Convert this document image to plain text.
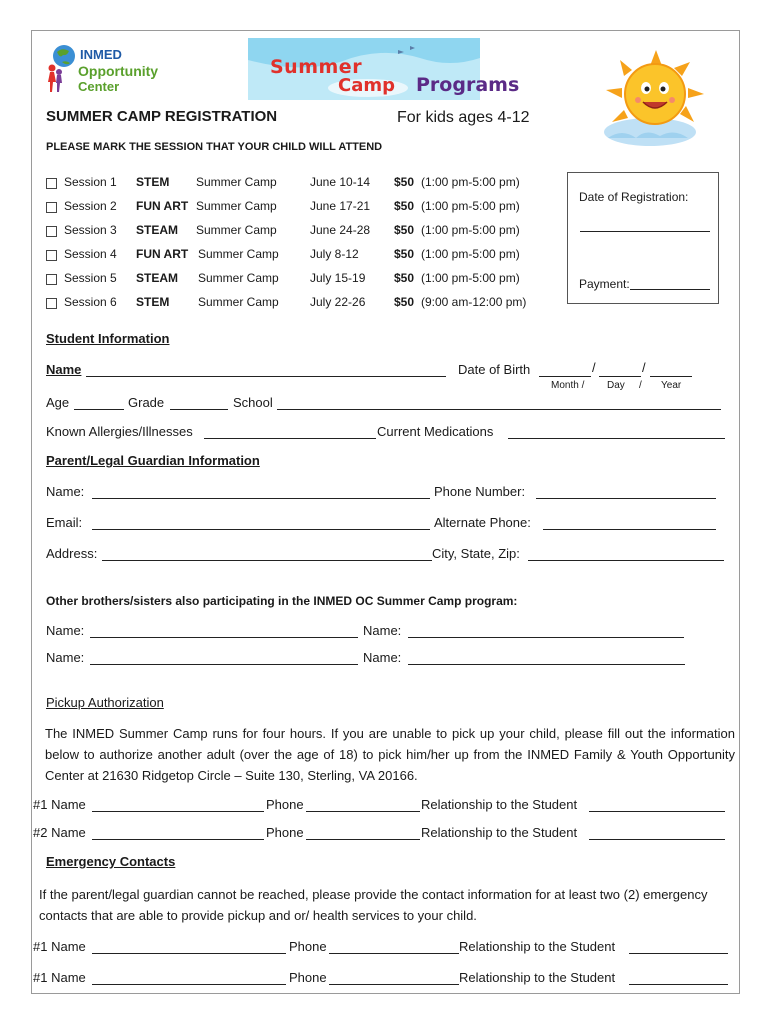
INMED
Opportunity
Center
Summer
Camp Programs
SUMMER CAMP REGISTRATION	For kids ages 4-12
PLEASE MARK THE SESSION THAT YOUR CHILD WILL ATTEND
Session 1 STEM Summer Camp	June 10-14 $50 (1:00 pm-5:00 pm)
Session 2 FUN ART Summer Camp	June 17-21 $50 (1:00 pm-5:00 pm)
Session 3 STEAM Summer Camp	June 24-28 $50 (1:00 pm-5:00 pm)
Session 4 FUN ART Summer Camp	July 8-12	$50 (1:00 pm-5:00 pm)
Session 5 STEAM Summer Camp	July 15-19 $50 (1:00 pm-5:00 pm)
Session 6 STEM Summer Camp	July 22-26 $50 (9:00 am-12:00 pm)
Date of Registration:
Payment:
Student Information
Name	Date of Birth	/	/
Month / Day / Year
Age	Grade	School
Known Allergies/Illnesses	Current Medications
Parent/Legal Guardian Information
Name:	Phone Number:
Email:	Alternate Phone:
Address:	City, State, Zip:
Other brothers/sisters also participating in the INMED OC Summer Camp program:
Name:	Name:
Name:	Name:
Pickup Authorization
The INMED Summer Camp runs for four hours. If you are unable to pick up your child, please fill out the information below to authorize another adult (over the age of 18) to pick him/her up from the INMED Family & Youth Opportunity Center at 21630 Ridgetop Circle – Suite 130, Sterling, VA 20166.
#1 Name	Phone	Relationship to the Student
#2 Name	Phone	Relationship to the Student
Emergency Contacts
If the parent/legal guardian cannot be reached, please provide the contact information for at least two (2) emergency contacts that are able to provide pickup and or/ health services to your child.
#1 Name	Phone	Relationship to the Student
#1 Name	Phone	Relationship to the Student
